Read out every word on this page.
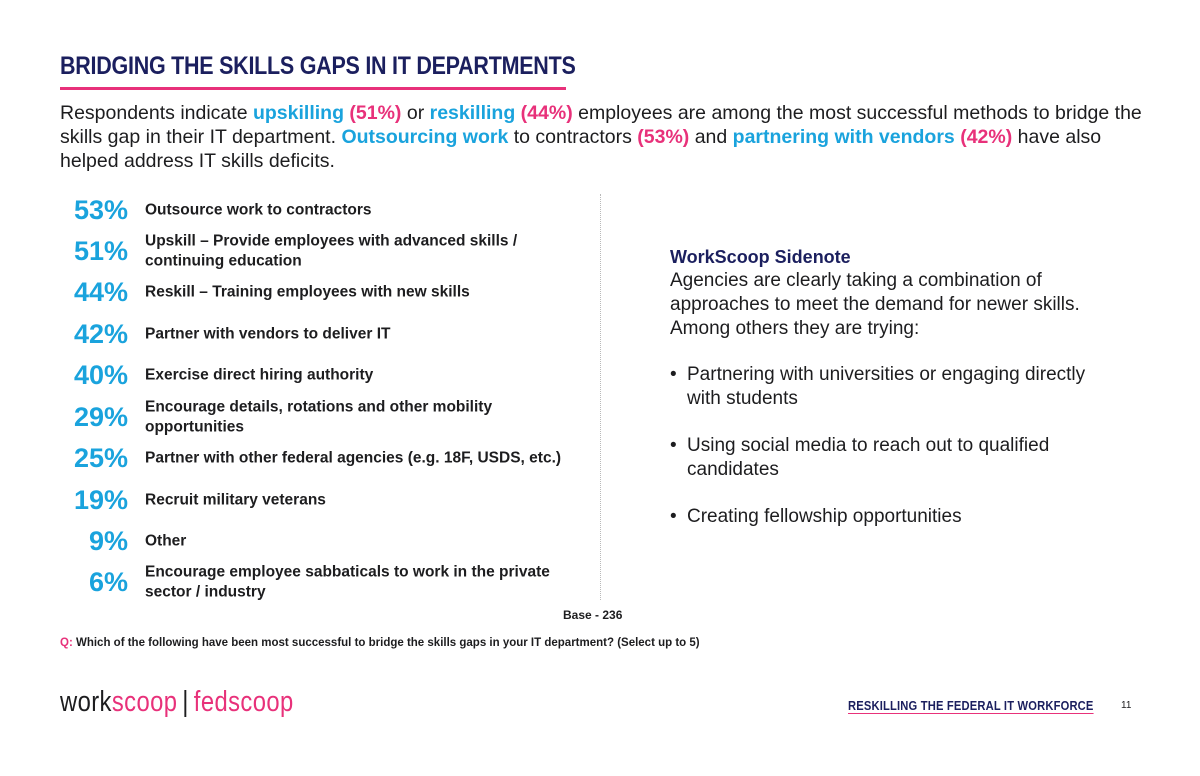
BRIDGING THE SKILLS GAPS IN IT DEPARTMENTS
Respondents indicate upskilling (51%) or reskilling (44%) employees are among the most successful methods to bridge the skills gap in their IT department. Outsourcing work to contractors (53%) and partnering with vendors (42%) have also helped address IT skills deficits.
53% Outsource work to contractors
51% Upskill – Provide employees with advanced skills / continuing education
44% Reskill – Training employees with new skills
42% Partner with vendors to deliver IT
40% Exercise direct hiring authority
29% Encourage details, rotations and other mobility opportunities
25% Partner with other federal agencies (e.g. 18F, USDS, etc.)
19% Recruit military veterans
9% Other
6% Encourage employee sabbaticals to work in the private sector / industry
Base - 236
Q: Which of the following have been most successful to bridge the skills gaps in your IT department? (Select up to 5)
WorkScoop Sidenote
Agencies are clearly taking a combination of approaches to meet the demand for newer skills. Among others they are trying:
• Partnering with universities or engaging directly with students
• Using social media to reach out to qualified candidates
• Creating fellowship opportunities
workscoop | fedscoop	RESKILLING THE FEDERAL IT WORKFORCE	11
